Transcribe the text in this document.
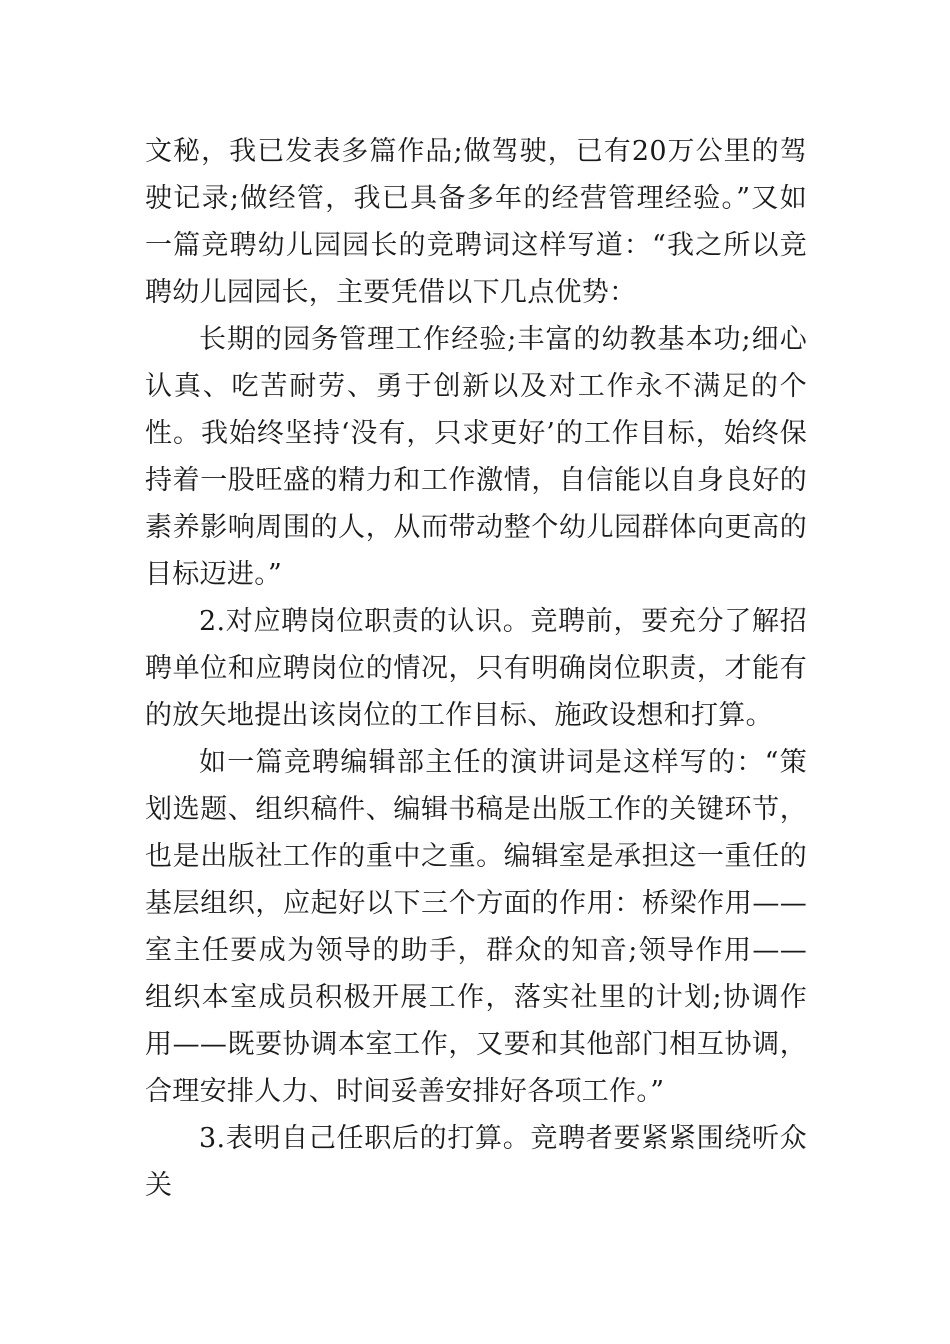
文秘，我已发表多篇作品;做驾驶，已有20万公里的驾驶记录;做经管，我已具备多年的经营管理经验。”又如一篇竞聘幼儿园园长的竞聘词这样写道：“我之所以竞聘幼儿园园长，主要凭借以下几点优势：

长期的园务管理工作经验;丰富的幼教基本功;细心认真、吃苦耐劳、勇于创新以及对工作永不满足的个性。我始终坚持‘没有，只求更好’的工作目标，始终保持着一股旺盛的精力和工作激情，自信能以自身良好的素养影响周围的人，从而带动整个幼儿园群体向更高的目标迈进。”

2.对应聘岗位职责的认识。竞聘前，要充分了解招聘单位和应聘岗位的情况，只有明确岗位职责，才能有的放矢地提出该岗位的工作目标、施政设想和打算。

如一篇竞聘编辑部主任的演讲词是这样写的：“策划选题、组织稿件、编辑书稿是出版工作的关键环节，也是出版社工作的重中之重。编辑室是承担这一重任的基层组织，应起好以下三个方面的作用：桥梁作用——室主任要成为领导的助手，群众的知音;领导作用——组织本室成员积极开展工作，落实社里的计划;协调作用——既要协调本室工作，又要和其他部门相互协调，合理安排人力、时间妥善安排好各项工作。”

3.表明自己任职后的打算。竞聘者要紧紧围绕听众关
